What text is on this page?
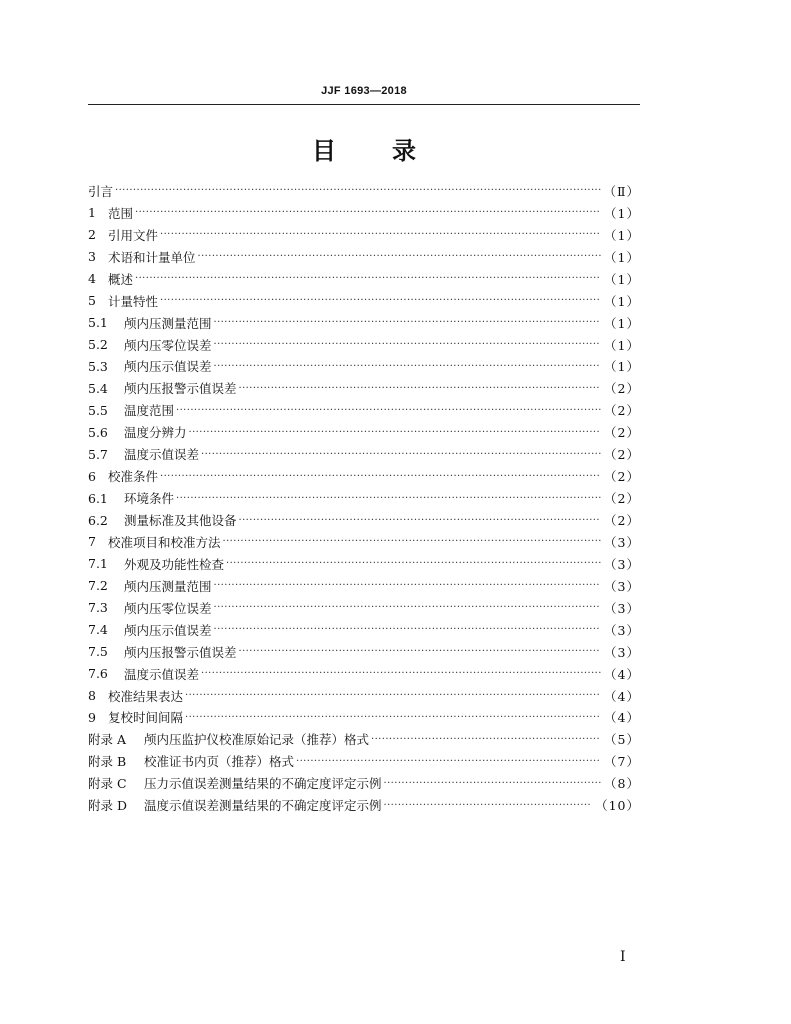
JJF 1693—2018
目 录
引言 ·····	（Ⅱ）
1 范围 ·····	（1）
2 引用文件 ·····	（1）
3 术语和计量单位 ·····	（1）
4 概述 ·····	（1）
5 计量特性 ·····	（1）
5.1	颅内压测量范围 ·····	（1）
5.2	颅内压零位误差 ·····	（1）
5.3	颅内压示值误差 ·····	（1）
5.4	颅内压报警示值误差 ·····	（2）
5.5	温度范围 ·····	（2）
5.6	温度分辨力 ·····	（2）
5.7	温度示值误差 ·····	（2）
6 校准条件 ·····	（2）
6.1	环境条件 ·····	（2）
6.2	测量标准及其他设备 ·····	（2）
7 校准项目和校准方法 ·····	（3）
7.1	外观及功能性检查 ·····	（3）
7.2	颅内压测量范围 ·····	（3）
7.3	颅内压零位误差 ·····	（3）
7.4	颅内压示值误差 ·····	（3）
7.5	颅内压报警示值误差 ·····	（3）
7.6	温度示值误差 ·····	（4）
8 校准结果表达 ·····	（4）
9 复校时间间隔 ·····	（4）
附录 A	颅内压监护仪校准原始记录（推荐）格式 ·····	（5）
附录 B	校准证书内页（推荐）格式 ·····	（7）
附录 C	压力示值误差测量结果的不确定度评定示例 ·····	（8）
附录 D	温度示值误差测量结果的不确定度评定示例 ·····	（10）
I
